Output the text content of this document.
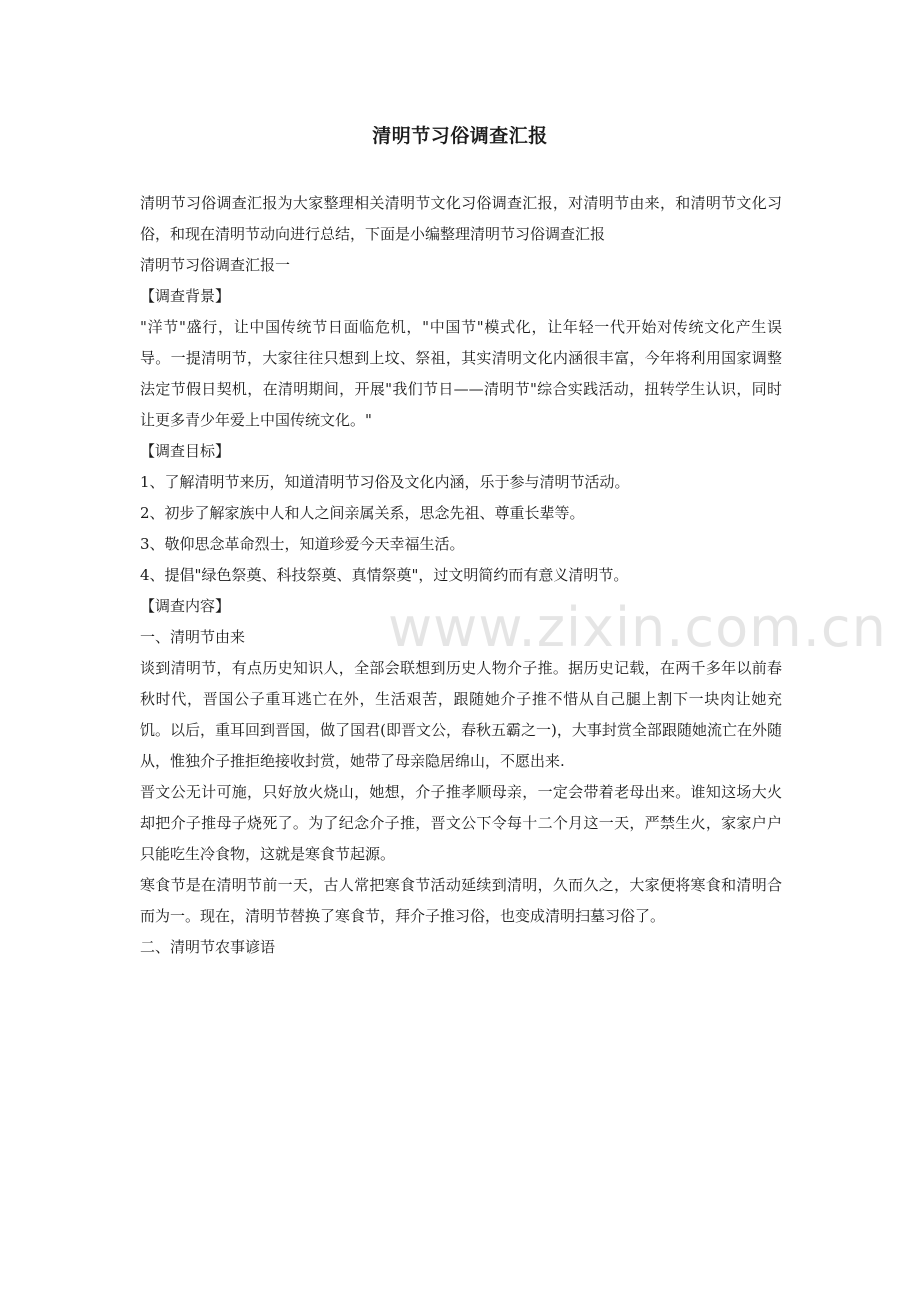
清明节习俗调查汇报

清明节习俗调查汇报为大家整理相关清明节文化习俗调查汇报，对清明节由来，和清明节文化习俗，和现在清明节动向进行总结，下面是小编整理清明节习俗调查汇报

清明节习俗调查汇报一

【调查背景】

"洋节"盛行，让中国传统节日面临危机，"中国节"模式化，让年轻一代开始对传统文化产生误导。一提清明节，大家往往只想到上坟、祭祖，其实清明文化内涵很丰富，今年将利用国家调整法定节假日契机，在清明期间，开展"我们节日——清明节"综合实践活动，扭转学生认识，同时让更多青少年爱上中国传统文化。"

【调查目标】

1、了解清明节来历，知道清明节习俗及文化内涵，乐于参与清明节活动。

2、初步了解家族中人和人之间亲属关系，思念先祖、尊重长辈等。

3、敬仰思念革命烈士，知道珍爱今天幸福生活。

4、提倡"绿色祭奠、科技祭奠、真情祭奠"，过文明简约而有意义清明节。

【调查内容】

一、清明节由来

谈到清明节，有点历史知识人，全部会联想到历史人物介子推。据历史记载，在两千多年以前春秋时代，晋国公子重耳逃亡在外，生活艰苦，跟随她介子推不惜从自己腿上割下一块肉让她充饥。以后，重耳回到晋国，做了国君(即晋文公，春秋五霸之一)，大事封赏全部跟随她流亡在外随从，惟独介子推拒绝接收封赏，她带了母亲隐居绵山，不愿出来.

晋文公无计可施，只好放火烧山，她想，介子推孝顺母亲，一定会带着老母出来。谁知这场大火却把介子推母子烧死了。为了纪念介子推，晋文公下令每十二个月这一天，严禁生火，家家户户只能吃生冷食物，这就是寒食节起源。

寒食节是在清明节前一天，古人常把寒食节活动延续到清明，久而久之，大家便将寒食和清明合而为一。现在，清明节替换了寒食节，拜介子推习俗，也变成清明扫墓习俗了。

二、清明节农事谚语

www.zixin.com.cn
